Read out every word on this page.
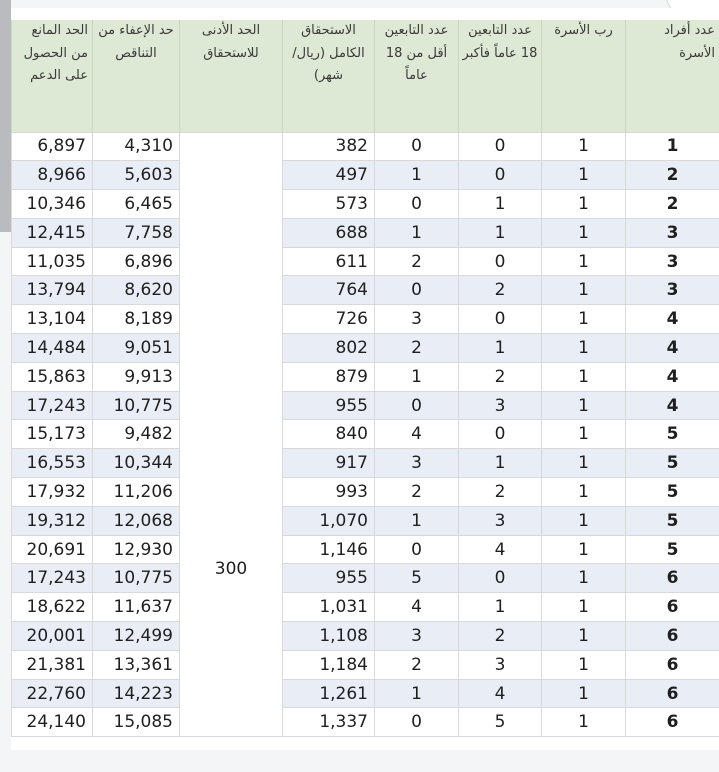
الحد المانع من الحصول على الدعم	حد الإعفاء من التناقص	الحد الأدنى للاستحقاق	الاستحقاق الكامل (ريال/شهر)	عدد التابعين أقل من 18 عاماً	عدد التابعين 18 عاماً فأكبر	رب الأسرة	عدد أفراد الأسرة
6,897	4,310	300	382	0	0	1	1
8,966	5,603		497	1	0	1	2
10,346	6,465		573	0	1	1	2
12,415	7,758		688	1	1	1	3
11,035	6,896		611	2	0	1	3
13,794	8,620		764	0	2	1	3
13,104	8,189		726	3	0	1	4
14,484	9,051		802	2	1	1	4
15,863	9,913		879	1	2	1	4
17,243	10,775		955	0	3	1	4
15,173	9,482		840	4	0	1	5
16,553	10,344		917	3	1	1	5
17,932	11,206		993	2	2	1	5
19,312	12,068		1,070	1	3	1	5
20,691	12,930		1,146	0	4	1	5
17,243	10,775		955	5	0	1	6
18,622	11,637		1,031	4	1	1	6
20,001	12,499		1,108	3	2	1	6
21,381	13,361		1,184	2	3	1	6
22,760	14,223		1,261	1	4	1	6
24,140	15,085		1,337	0	5	1	6
